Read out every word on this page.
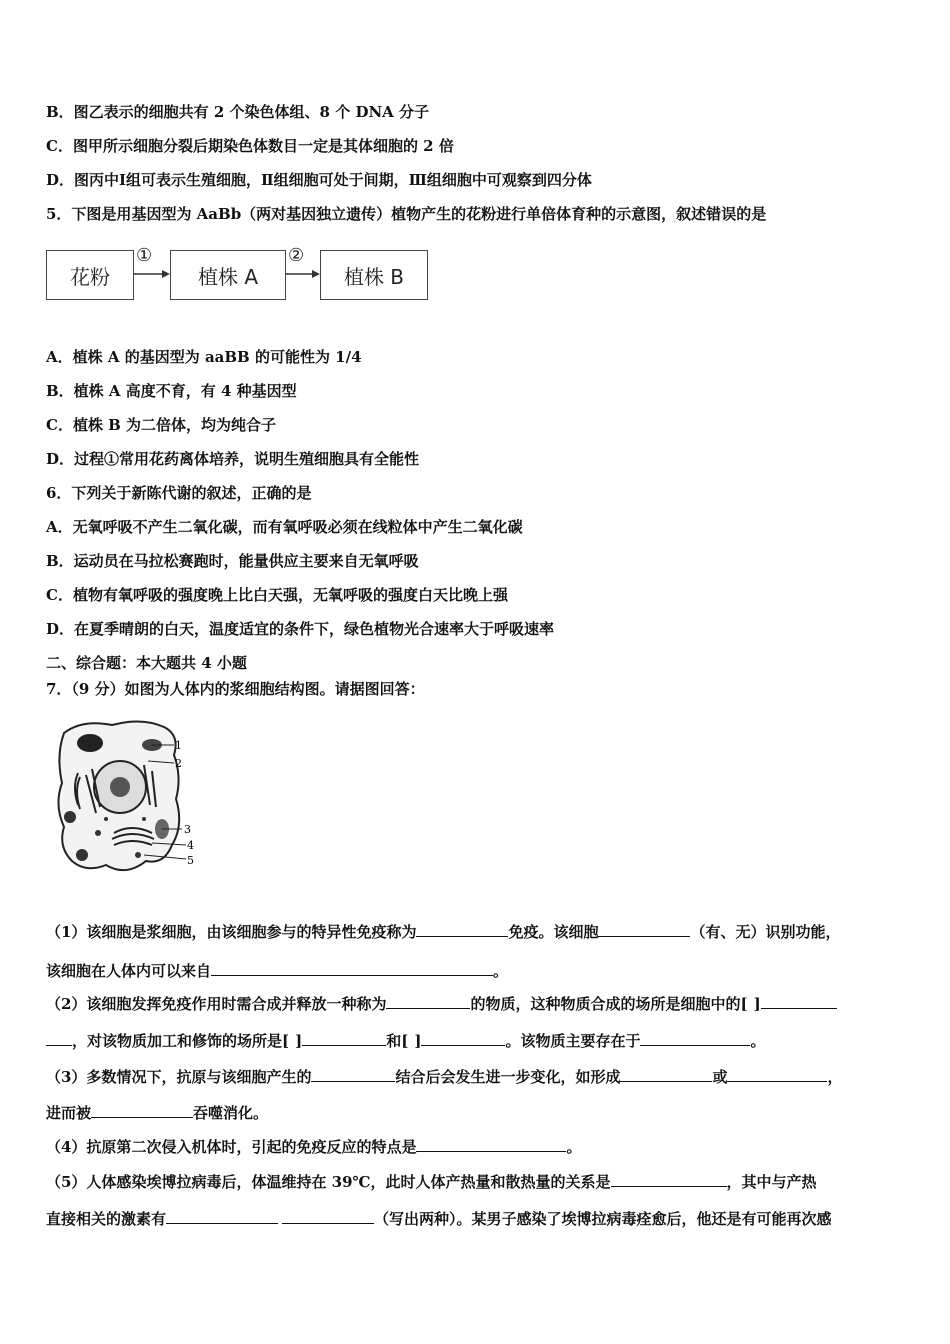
B．图乙表示的细胞共有 2 个染色体组、8 个 DNA 分子
C．图甲所示细胞分裂后期染色体数目一定是其体细胞的 2 倍
D．图丙中Ⅰ组可表示生殖细胞，Ⅱ组细胞可处于间期，Ⅲ组细胞中可观察到四分体
5．下图是用基因型为 AaBb（两对基因独立遗传）植物产生的花粉进行单倍体育种的示意图，叙述错误的是
花粉	植株 A	植株 B
①	②
A．植株 A 的基因型为 aaBB 的可能性为 1/4
B．植株 A 高度不育，有 4 种基因型
C．植株 B 为二倍体，均为纯合子
D．过程①常用花药离体培养，说明生殖细胞具有全能性
6．下列关于新陈代谢的叙述，正确的是
A．无氧呼吸不产生二氧化碳，而有氧呼吸必须在线粒体中产生二氧化碳
B．运动员在马拉松赛跑时，能量供应主要来自无氧呼吸
C．植物有氧呼吸的强度晚上比白天强，无氧呼吸的强度白天比晚上强
D．在夏季晴朗的白天，温度适宜的条件下，绿色植物光合速率大于呼吸速率
二、综合题：本大题共 4 小题
7．（9 分）如图为人体内的浆细胞结构图。请据图回答：
1
2
3
4
5
（1）该细胞是浆细胞，由该细胞参与的特异性免疫称为	免疫。该细胞	（有、无）识别功能，
该细胞在人体内可以来自	。
（2）该细胞发挥免疫作用时需合成并释放一种称为	的物质，这种物质合成的场所是细胞中的[ ]
，对该物质加工和修饰的场所是[ ]	和[ ]	。该物质主要存在于	。
（3）多数情况下，抗原与该细胞产生的	结合后会发生进一步变化，如形成	或	，
进而被	吞噬消化。
（4）抗原第二次侵入机体时，引起的免疫反应的特点是	。
（5）人体感染埃博拉病毒后，体温维持在 39℃，此时人体产热量和散热量的关系是	，其中与产热
直接相关的激素有	（写出两种）。某男子感染了埃博拉病毒痊愈后，他还是有可能再次感
